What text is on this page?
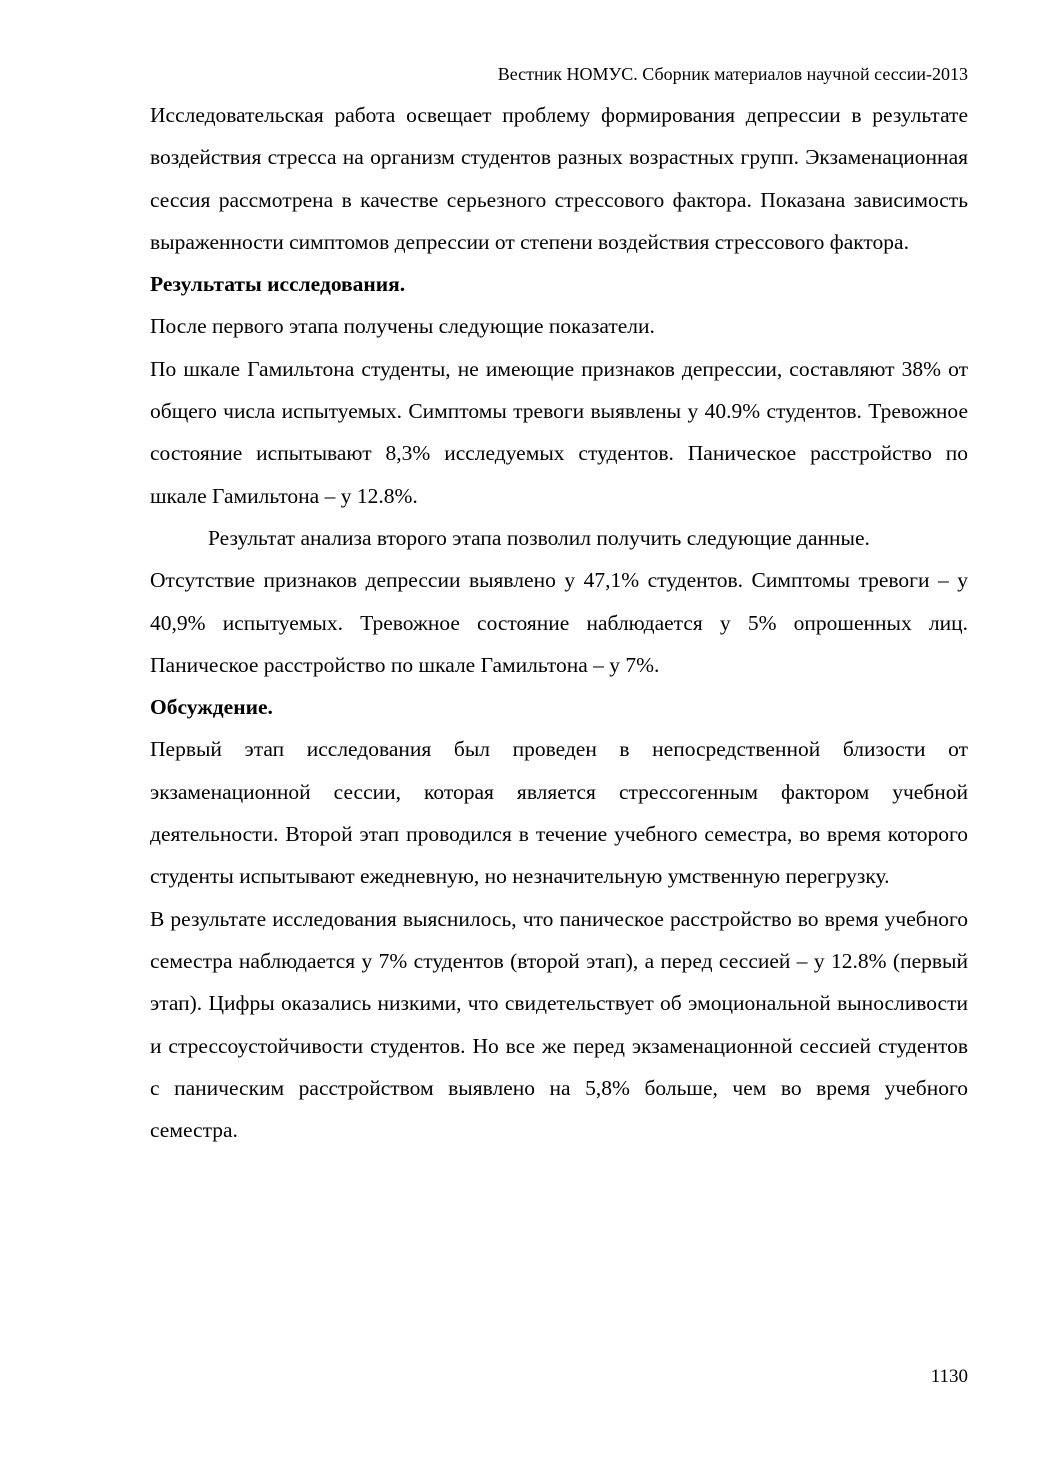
Вестник НОМУС. Сборник материалов научной сессии-2013

Исследовательская работа освещает проблему формирования депрессии в результате воздействия стресса на организм студентов разных возрастных групп. Экзаменационная сессия рассмотрена в качестве серьезного стрессового фактора. Показана зависимость выраженности симптомов депрессии от степени воздействия стрессового фактора.

Результаты исследования.

После первого этапа получены следующие показатели.

По шкале Гамильтона студенты, не имеющие признаков депрессии, составляют 38% от общего числа испытуемых. Симптомы тревоги выявлены у 40.9% студентов. Тревожное состояние испытывают 8,3% исследуемых студентов. Паническое расстройство по шкале Гамильтона – у 12.8%.

Результат анализа второго этапа позволил получить следующие данные.

Отсутствие признаков депрессии выявлено у 47,1% студентов. Симптомы тревоги – у 40,9% испытуемых. Тревожное состояние наблюдается у 5% опрошенных лиц. Паническое расстройство по шкале Гамильтона – у 7%.

Обсуждение.

Первый этап исследования был проведен в непосредственной близости от экзаменационной сессии, которая является стрессогенным фактором учебной деятельности. Второй этап проводился в течение учебного семестра, во время которого студенты испытывают ежедневную, но незначительную умственную перегрузку.

В результате исследования выяснилось, что паническое расстройство во время учебного семестра наблюдается у 7% студентов (второй этап), а перед сессией – у 12.8% (первый этап). Цифры оказались низкими, что свидетельствует об эмоциональной выносливости и стрессоустойчивости студентов. Но все же перед экзаменационной сессией студентов с паническим расстройством выявлено на 5,8% больше, чем во время учебного семестра.

1130
